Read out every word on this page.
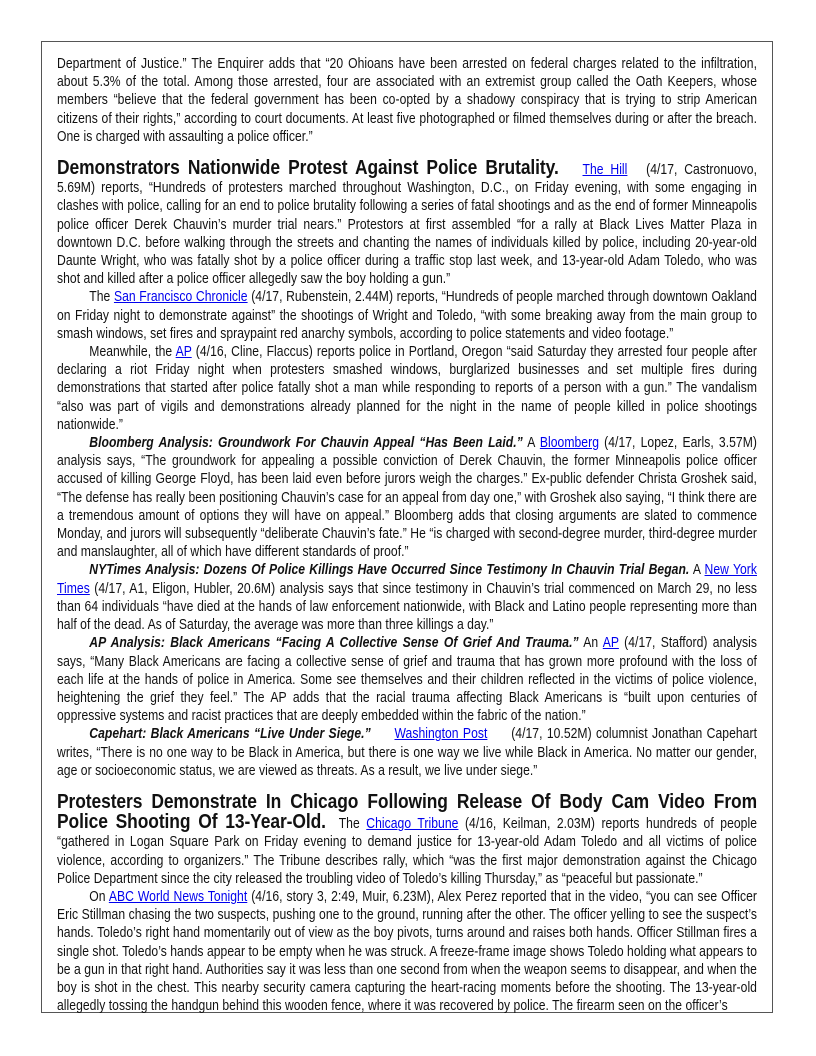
Department of Justice.” The Enquirer adds that “20 Ohioans have been arrested on federal charges related to the infiltration, about 5.3% of the total. Among those arrested, four are associated with an extremist group called the Oath Keepers, whose members “believe that the federal government has been co-opted by a shadowy conspiracy that is trying to strip American citizens of their rights,” according to court documents. At least five photographed or filmed themselves during or after the breach. One is charged with assaulting a police officer.”

Demonstrators Nationwide Protest Against Police Brutality. The Hill (4/17, Castronuovo, 5.69M) reports, “Hundreds of protesters marched throughout Washington, D.C., on Friday evening, with some engaging in clashes with police, calling for an end to police brutality following a series of fatal shootings and as the end of former Minneapolis police officer Derek Chauvin’s murder trial nears.” Protestors at first assembled “for a rally at Black Lives Matter Plaza in downtown D.C. before walking through the streets and chanting the names of individuals killed by police, including 20-year-old Daunte Wright, who was fatally shot by a police officer during a traffic stop last week, and 13-year-old Adam Toledo, who was shot and killed after a police officer allegedly saw the boy holding a gun.”

The San Francisco Chronicle (4/17, Rubenstein, 2.44M) reports, “Hundreds of people marched through downtown Oakland on Friday night to demonstrate against” the shootings of Wright and Toledo, “with some breaking away from the main group to smash windows, set fires and spraypaint red anarchy symbols, according to police statements and video footage.”

Meanwhile, the AP (4/16, Cline, Flaccus) reports police in Portland, Oregon “said Saturday they arrested four people after declaring a riot Friday night when protesters smashed windows, burglarized businesses and set multiple fires during demonstrations that started after police fatally shot a man while responding to reports of a person with a gun.” The vandalism “also was part of vigils and demonstrations already planned for the night in the name of people killed in police shootings nationwide.”

Bloomberg Analysis: Groundwork For Chauvin Appeal “Has Been Laid.” A Bloomberg (4/17, Lopez, Earls, 3.57M) analysis says, “The groundwork for appealing a possible conviction of Derek Chauvin, the former Minneapolis police officer accused of killing George Floyd, has been laid even before jurors weigh the charges.” Ex-public defender Christa Groshek said, “The defense has really been positioning Chauvin’s case for an appeal from day one,” with Groshek also saying, “I think there are a tremendous amount of options they will have on appeal.” Bloomberg adds that closing arguments are slated to commence Monday, and jurors will subsequently “deliberate Chauvin’s fate.” He “is charged with second-degree murder, third-degree murder and manslaughter, all of which have different standards of proof.”

NYTimes Analysis: Dozens Of Police Killings Have Occurred Since Testimony In Chauvin Trial Began. A New York Times (4/17, A1, Eligon, Hubler, 20.6M) analysis says that since testimony in Chauvin’s trial commenced on March 29, no less than 64 individuals “have died at the hands of law enforcement nationwide, with Black and Latino people representing more than half of the dead. As of Saturday, the average was more than three killings a day.”

AP Analysis: Black Americans “Facing A Collective Sense Of Grief And Trauma.” An AP (4/17, Stafford) analysis says, “Many Black Americans are facing a collective sense of grief and trauma that has grown more profound with the loss of each life at the hands of police in America. Some see themselves and their children reflected in the victims of police violence, heightening the grief they feel.” The AP adds that the racial trauma affecting Black Americans is “built upon centuries of oppressive systems and racist practices that are deeply embedded within the fabric of the nation.”

Capehart: Black Americans “Live Under Siege.” Washington Post (4/17, 10.52M) columnist Jonathan Capehart writes, “There is no one way to be Black in America, but there is one way we live while Black in America. No matter our gender, age or socioeconomic status, we are viewed as threats. As a result, we live under siege.”

Protesters Demonstrate In Chicago Following Release Of Body Cam Video From Police Shooting Of 13-Year-Old.  The Chicago Tribune (4/16, Keilman, 2.03M) reports hundreds of people “gathered in Logan Square Park on Friday evening to demand justice for 13-year-old Adam Toledo and all victims of police violence, according to organizers.” The Tribune describes rally, which “was the first major demonstration against the Chicago Police Department since the city released the troubling video of Toledo’s killing Thursday,” as “peaceful but passionate.”

On ABC World News Tonight (4/16, story 3, 2:49, Muir, 6.23M), Alex Perez reported that in the video, “you can see Officer Eric Stillman chasing the two suspects, pushing one to the ground, running after the other. The officer yelling to see the suspect’s hands. Toledo’s right hand momentarily out of view as the boy pivots, turns around and raises both hands. Officer Stillman fires a single shot. Toledo’s hands appear to be empty when he was struck. A freeze-frame image shows Toledo holding what appears to be a gun in that right hand. Authorities say it was less than one second from when the weapon seems to disappear, and when the boy is shot in the chest. This nearby security camera capturing the heart-racing moments before the shooting. The 13-year-old allegedly tossing the handgun behind this wooden fence, where it was recovered by police. The firearm seen on the officer’s
